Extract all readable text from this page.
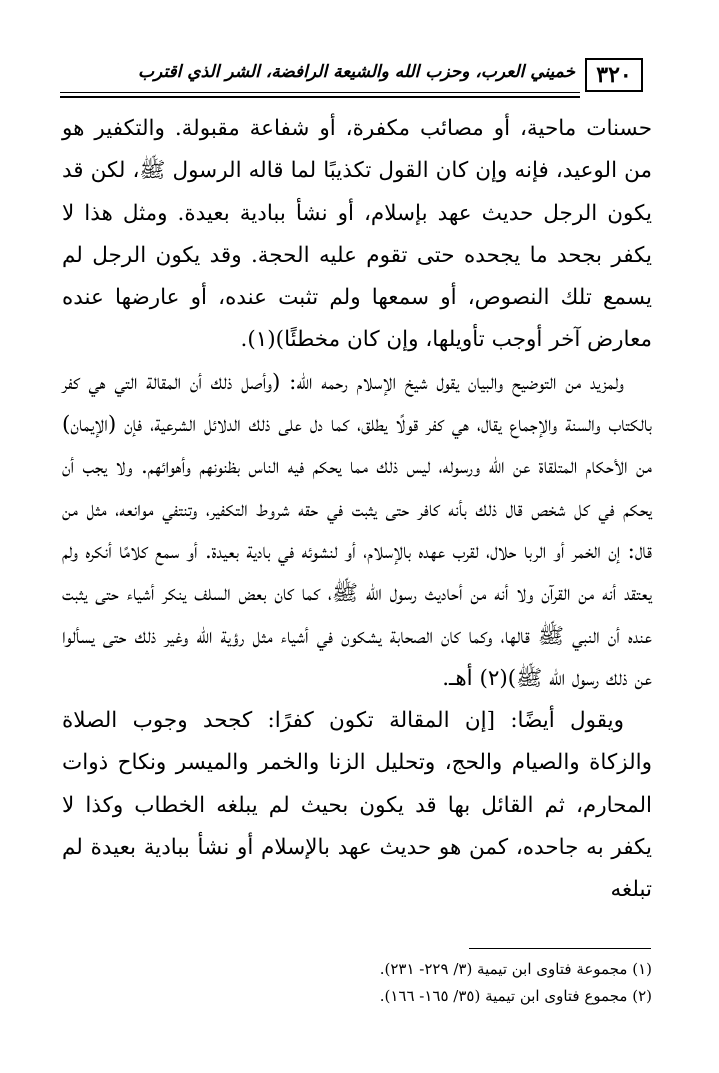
٣٢٠
خميني العرب، وحزب الله والشيعة الرافضة، الشر الذي اقترب

حسنات ماحية، أو مصائب مكفرة، أو شفاعة مقبولة. والتكفير هو من الوعيد، فإنه وإن كان القول تكذيبًا لما قاله الرسول ﷺ، لكن قد يكون الرجل حديث عهد بإسلام، أو نشأ ببادية بعيدة. ومثل هذا لا يكفر بجحد ما يجحده حتى تقوم عليه الحجة. وقد يكون الرجل لم يسمع تلك النصوص، أو سمعها ولم تثبت عنده، أو عارضها عنده معارض آخر أوجب تأويلها، وإن كان مخطئًا)(١).

ولمزيد من التوضيح والبيان يقول شيخ الإسلام رحمه الله: (وأصل ذلك أن المقالة التي هي كفر بالكتاب والسنة والإجماع يقال، هي كفر قولًا يطلق، كما دل على ذلك الدلائل الشرعية، فإن (الإيمان) من الأحكام المتلقاة عن الله ورسوله، ليس ذلك مما يحكم فيه الناس بظنونهم وأهوائهم. ولا يجب أن يحكم في كل شخص قال ذلك بأنه كافر حتى يثبت في حقه شروط التكفير، وتنتفي موانعه، مثل من قال: إن الخمر أو الربا حلال، لقرب عهده بالإسلام، أو لنشوئه في بادية بعيدة. أو سمع كلامًا أنكره ولم يعتقد أنه من القرآن ولا أنه من أحاديث رسول الله ﷺ، كما كان بعض السلف ينكر أشياء حتى يثبت عنده أن النبي ﷺ قالها، وكما كان الصحابة يشكون في أشياء مثل رؤية الله وغير ذلك حتى يسألوا عن ذلك رسول الله ﷺ)(٢) أهـ.

ويقول أيضًا: [إن المقالة تكون كفرًا: كجحد وجوب الصلاة والزكاة والصيام والحج، وتحليل الزنا والخمر والميسر ونكاح ذوات المحارم، ثم القائل بها قد يكون بحيث لم يبلغه الخطاب وكذا لا يكفر به جاحده، كمن هو حديث عهد بالإسلام أو نشأ ببادية بعيدة لم تبلغه

(١) مجموعة فتاوى ابن تيمية (٣/ ٢٢٩- ٢٣١).
(٢) مجموع فتاوى ابن تيمية (٣٥/ ١٦٥- ١٦٦).
